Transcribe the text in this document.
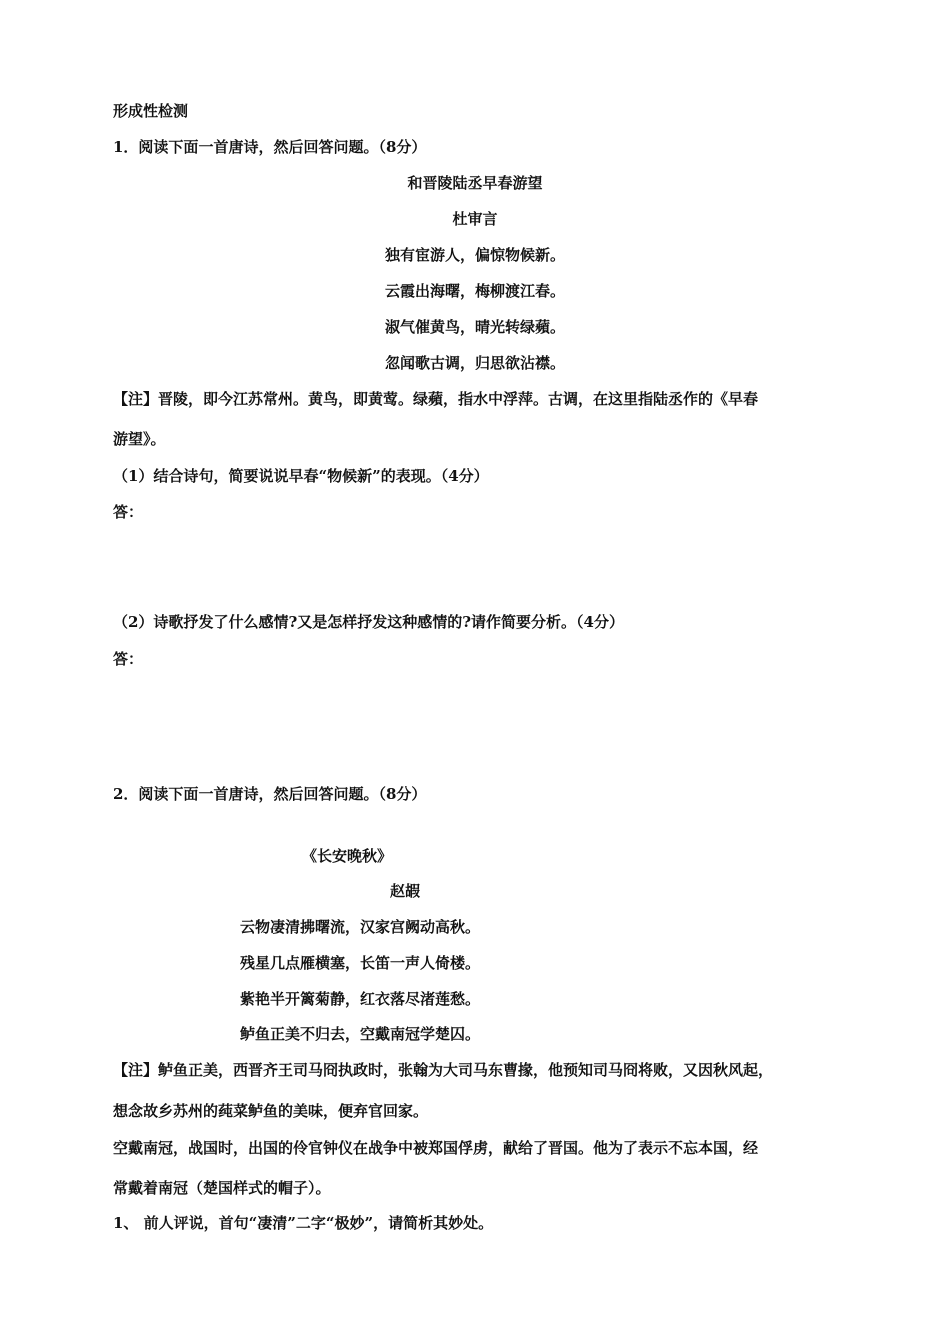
形成性检测
1．阅读下面一首唐诗，然后回答问题。（8分）
和晋陵陆丞早春游望
杜审言
独有宦游人，偏惊物候新。
云霞出海曙，梅柳渡江春。
淑气催黄鸟，晴光转绿蘋。
忽闻歌古调，归思欲沾襟。
【注】晋陵，即今江苏常州。黄鸟，即黄莺。绿蘋，指水中浮萍。古调，在这里指陆丞作的《早春
游望》。
（1）结合诗句，简要说说早春“物候新”的表现。（4分）
答：
（2）诗歌抒发了什么感情?又是怎样抒发这种感情的?请作简要分析。（4分）
答：
2．阅读下面一首唐诗，然后回答问题。（8分）
《长安晚秋》
赵嘏
云物凄清拂曙流，汉家宫阙动高秋。
残星几点雁横塞，长笛一声人倚楼。
紫艳半开篱菊静，红衣落尽渚莲愁。
鲈鱼正美不归去，空戴南冠学楚囚。
【注】鲈鱼正美，西晋齐王司马冏执政时，张翰为大司马东曹掾，他预知司马冏将败，又因秋风起，
想念故乡苏州的莼菜鲈鱼的美味，便弃官回家。
空戴南冠，战国时，出国的伶官钟仪在战争中被郑国俘虏，献给了晋国。他为了表示不忘本国，经
常戴着南冠（楚国样式的帽子）。
1、 前人评说，首句“凄清”二字“极妙”，请简析其妙处。
